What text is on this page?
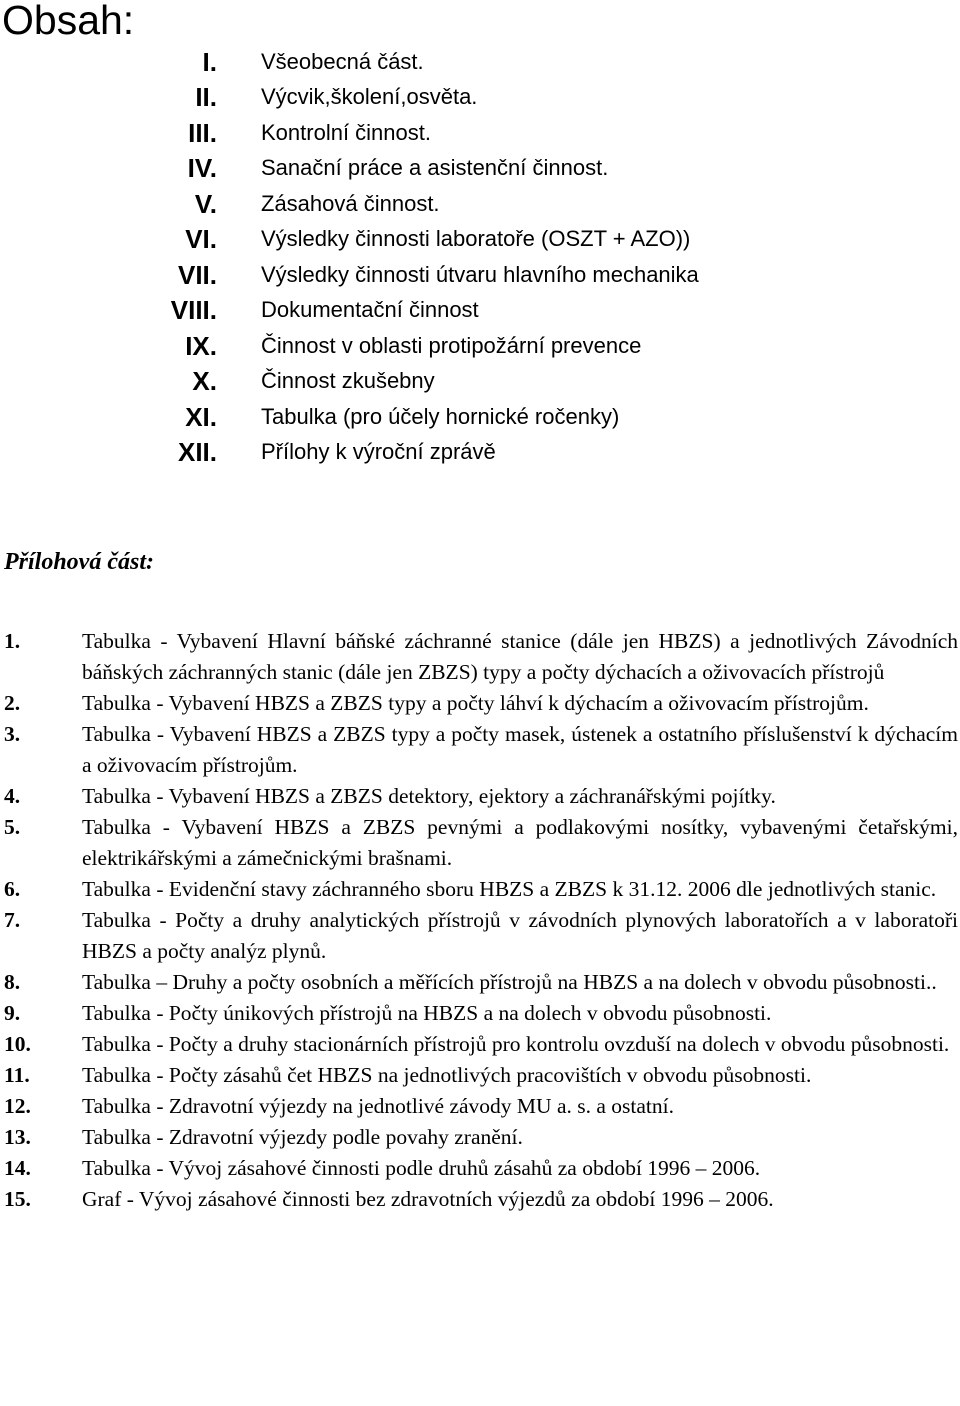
Obsah:
I. Všeobecná část.
II. Výcvik,školení,osvěta.
III. Kontrolní činnost.
IV. Sanační práce a asistenční činnost.
V. Zásahová činnost.
VI. Výsledky činnosti laboratoře (OSZT + AZO))
VII. Výsledky činnosti útvaru hlavního mechanika
VIII. Dokumentační činnost
IX. Činnost v oblasti protipožární prevence
X. Činnost zkušebny
XI. Tabulka (pro účely hornické ročenky)
XII. Přílohy k výroční zprávě
Přílohová část:
1.	Tabulka - Vybavení Hlavní báňské záchranné stanice (dále jen HBZS) a jednotlivých Závodních báňských záchranných stanic (dále jen ZBZS) typy a počty dýchacích a oživovacích přístrojů
2.	Tabulka - Vybavení HBZS a ZBZS typy a počty láhví k dýchacím a oživovacím přístrojům.
3.	Tabulka - Vybavení HBZS a ZBZS typy a počty masek, ústenek a ostatního příslušenství k dýchacím a oživovacím přístrojům.
4.	Tabulka - Vybavení HBZS a ZBZS detektory, ejektory a záchranářskými pojítky.
5.	Tabulka - Vybavení HBZS a ZBZS pevnými a podlakovými nosítky, vybavenými četařskými, elektrikářskými a zámečnickými brašnami.
6.	Tabulka - Evidenční stavy záchranného sboru HBZS a ZBZS k 31.12. 2006 dle jednotlivých stanic.
7.	Tabulka - Počty a druhy analytických přístrojů v závodních plynových laboratořích a v laboratoři HBZS a počty analýz plynů.
8.	Tabulka – Druhy a počty osobních a měřících přístrojů na HBZS a na dolech v obvodu působnosti..
9.	Tabulka - Počty únikových přístrojů na HBZS a na dolech v obvodu působnosti.
10.	Tabulka - Počty a druhy stacionárních přístrojů pro kontrolu ovzduší na dolech v obvodu působnosti.
11.	Tabulka - Počty zásahů čet HBZS na jednotlivých pracovištích v obvodu působnosti.
12.	Tabulka - Zdravotní výjezdy na jednotlivé závody MU a. s. a ostatní.
13.	Tabulka - Zdravotní výjezdy podle povahy zranění.
14.	Tabulka - Vývoj zásahové činnosti podle druhů zásahů za období 1996 – 2006.
15.	Graf - Vývoj zásahové činnosti bez zdravotních výjezdů za období 1996 – 2006.
